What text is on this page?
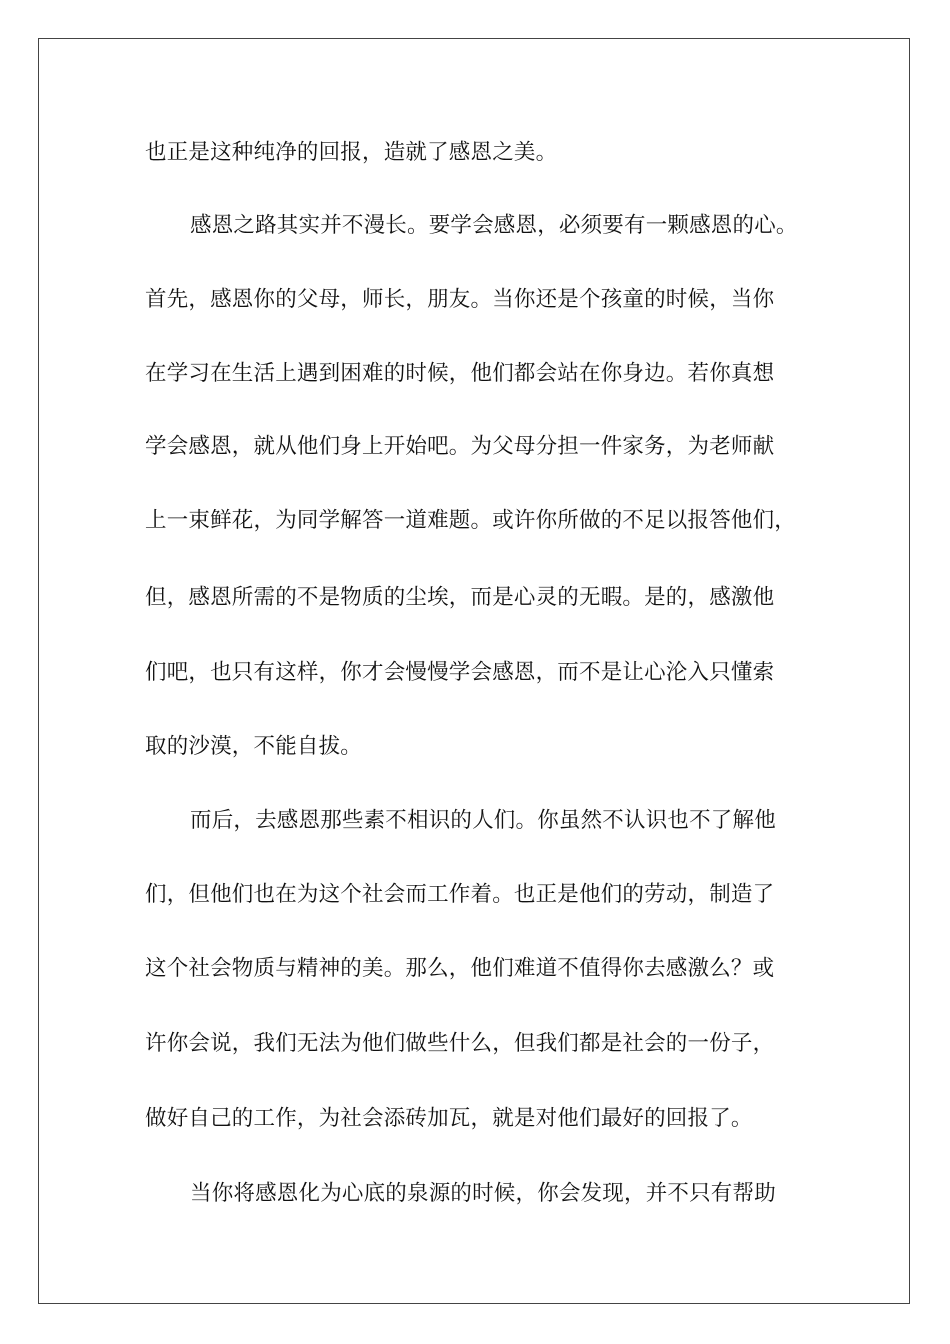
也正是这种纯净的回报，造就了感恩之美。
感恩之路其实并不漫长。要学会感恩，必须要有一颗感恩的心。
首先，感恩你的父母，师长，朋友。当你还是个孩童的时候，当你
在学习在生活上遇到困难的时候，他们都会站在你身边。若你真想
学会感恩，就从他们身上开始吧。为父母分担一件家务，为老师献
上一束鲜花，为同学解答一道难题。或许你所做的不足以报答他们，
但，感恩所需的不是物质的尘埃，而是心灵的无暇。是的，感激他
们吧，也只有这样，你才会慢慢学会感恩，而不是让心沦入只懂索
取的沙漠，不能自拔。
而后，去感恩那些素不相识的人们。你虽然不认识也不了解他
们，但他们也在为这个社会而工作着。也正是他们的劳动，制造了
这个社会物质与精神的美。那么，他们难道不值得你去感激么？或
许你会说，我们无法为他们做些什么，但我们都是社会的一份子，
做好自己的工作，为社会添砖加瓦，就是对他们最好的回报了。
当你将感恩化为心底的泉源的时候，你会发现，并不只有帮助
